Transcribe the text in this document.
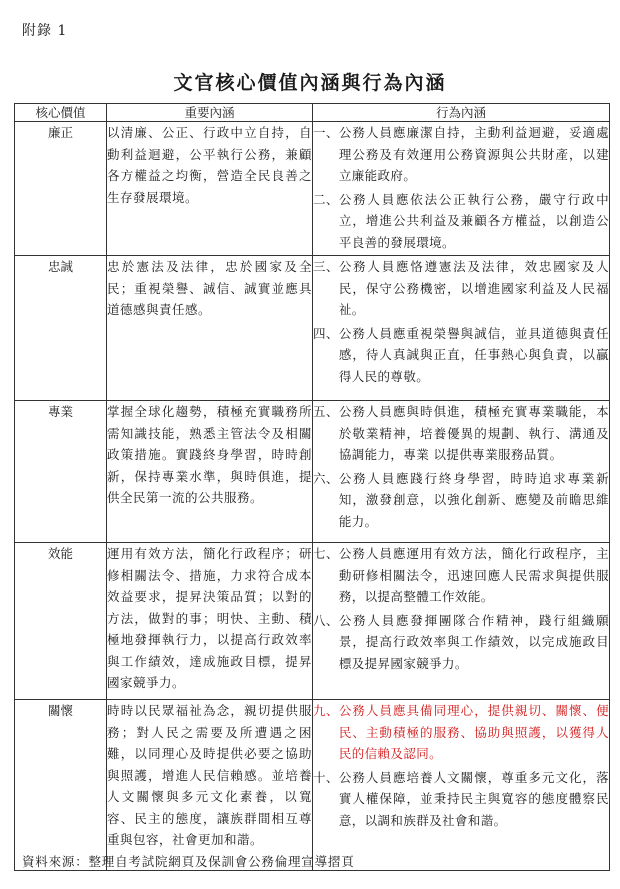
附錄 1
文官核心價值內涵與行為內涵
核心價值	重要內涵	行為內涵
廉正	以清廉、公正、行政中立自持，自動利益迴避，公平執行公務，兼顧各方權益之均衡，營造全民良善之生存發展環境。	一、 公務人員應廉潔自持，主動利益迴避，妥適處理公務及有效運用公務資源與公共財產，以建立廉能政府。
二、 公務人員應依法公正執行公務，嚴守行政中立，增進公共利益及兼顧各方權益，以創造公平良善的發展環境。

忠誠	忠於憲法及法律，忠於國家及全民；重視榮譽、誠信、誠實並應具道德感與責任感。	三、 公務人員應恪遵憲法及法律，效忠國家及人民，保守公務機密，以增進國家利益及人民福祉。
四、 公務人員應重視榮譽與誠信，並具道德與責任感，待人真誠與正直，任事熱心與負責，以贏得人民的尊敬。

專業	掌握全球化趨勢，積極充實職務所需知識技能，熟悉主管法令及相關政策措施。實踐終身學習，時時創新，保持專業水準，與時俱進，提供全民第一流的公共服務。	五、 公務人員應與時俱進，積極充實專業職能，本於敬業精神，培養優異的規劃、執行、溝通及協調能力，專業 以提供專業服務品質。
六、 公務人員應踐行終身學習，時時追求專業新知，激發創意，以強化創新、應變及前瞻思維能力。

效能	運用有效方法，簡化行政程序；研修相關法令、措施，力求符合成本效益要求，提昇決策品質；以對的方法，做對的事；明快、主動、積極地發揮執行力，以提高行政效率與工作績效，達成施政目標，提昇國家競爭力。	七、 公務人員應運用有效方法，簡化行政程序，主動研修相關法令，迅速回應人民需求與提供服務，以提高整體工作效能。
八、 公務人員應發揮團隊合作精神，踐行組織願景，提高行政效率與工作績效，以完成施政目標及提昇國家競爭力。

關懷	時時以民眾福祉為念，親切提供服務；對人民之需要及所遭遇之困難，以同理心及時提供必要之協助與照護，增進人民信賴感。並培養人文關懷與多元文化素養，以寬容、民主的態度，讓族群間相互尊重與包容，社會更加和諧。	九、 公務人員應具備同理心，提供親切、關懷、便民、主動積極的服務、協助與照護，以獲得人民的信賴及認同。
十、 公務人員應培養人文關懷，尊重多元文化，落實人權保障，並秉持民主與寬容的態度體察民意，以調和族群及社會和諧。
資料來源：整理自考試院網頁及保訓會公務倫理宣導摺頁
